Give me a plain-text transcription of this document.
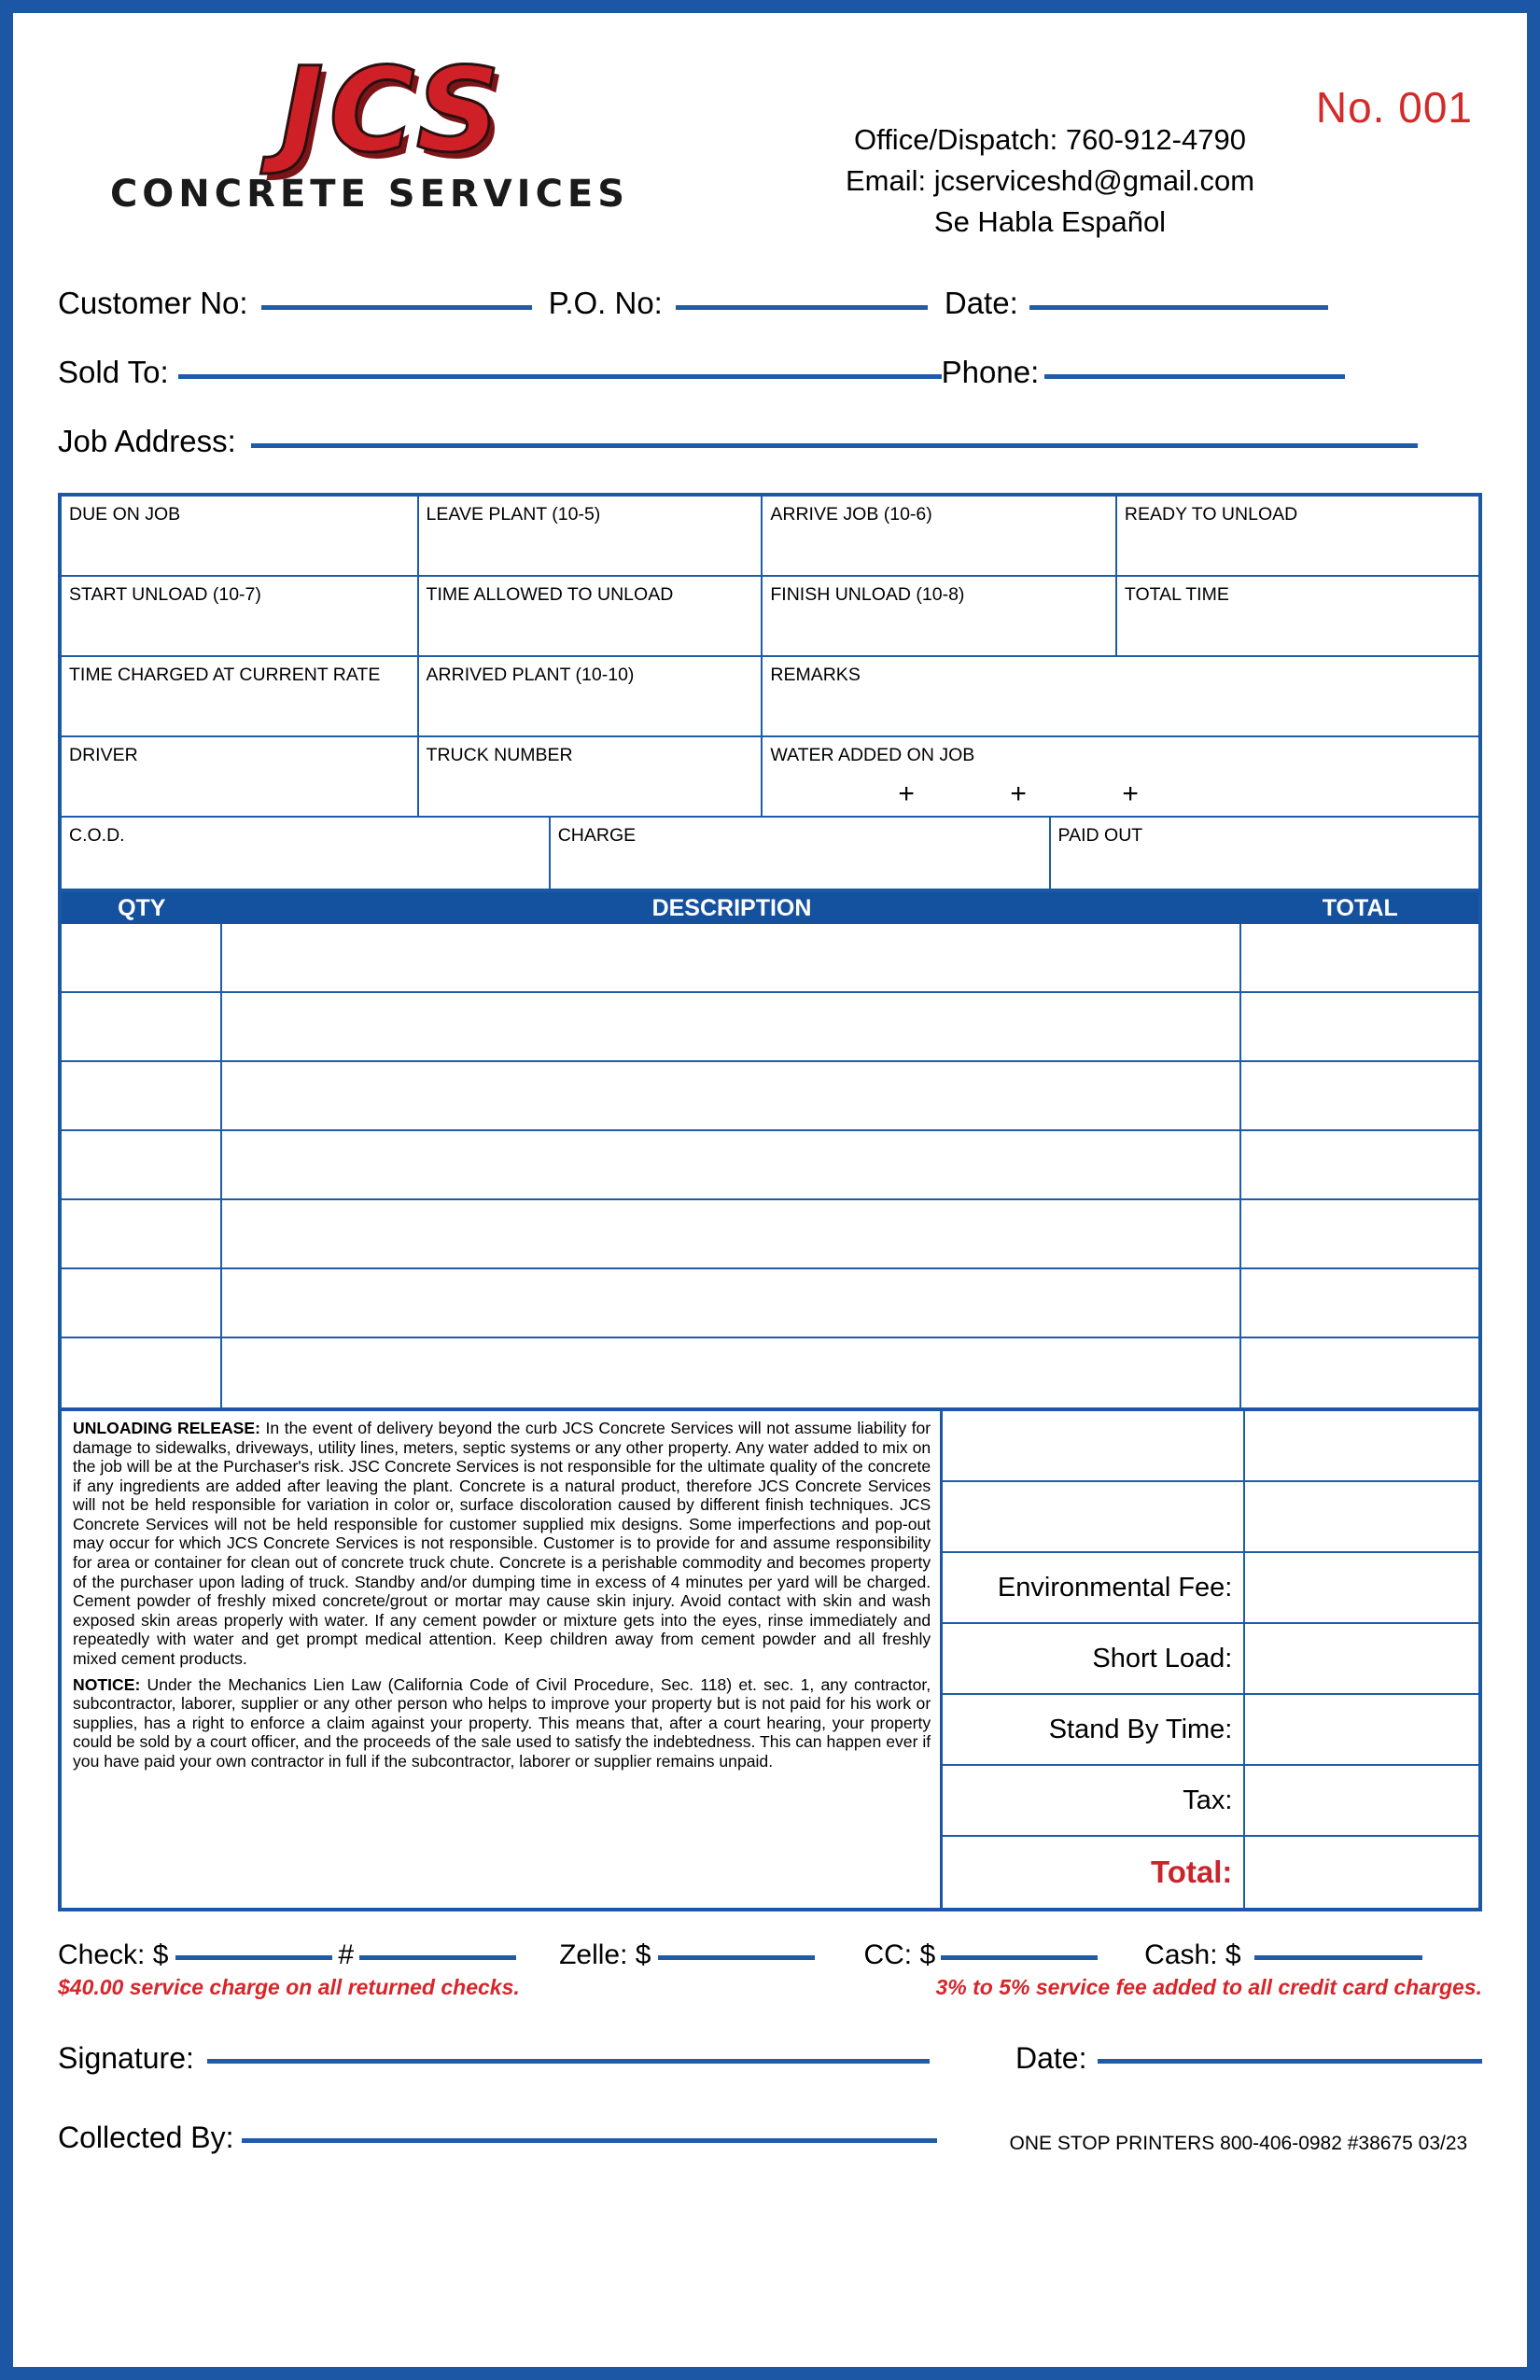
JCS
CONCRETE SERVICES
Office/Dispatch: 760-912-4790
Email: jcserviceshd@gmail.com
Se Habla Español
No. 001
Customer No:	P.O. No:	Date:
Sold To:	Phone:
Job Address:
DUE ON JOB	LEAVE PLANT (10-5)	ARRIVE JOB (10-6)	READY TO UNLOAD
START UNLOAD (10-7)	TIME ALLOWED TO UNLOAD	FINISH UNLOAD (10-8)	TOTAL TIME
TIME CHARGED AT CURRENT RATE	ARRIVED PLANT (10-10)	REMARKS
DRIVER	TRUCK NUMBER	WATER ADDED ON JOB
+	+	+
C.O.D.	CHARGE	PAID OUT
QTY	DESCRIPTION	TOTAL

UNLOADING RELEASE: In the event of delivery beyond the curb JCS Concrete Services will not assume liability for damage to sidewalks, driveways, utility lines, meters, septic systems or any other property. Any water added to mix on the job will be at the Purchaser's risk. JSC Concrete Services is not responsible for the ultimate quality of the concrete if any ingredients are added after leaving the plant. Concrete is a natural product, therefore JCS Concrete Services will not be held responsible for variation in color or, surface discoloration caused by different finish techniques. JCS Concrete Services will not be held responsible for customer supplied mix designs. Some imperfections and pop-out may occur for which JCS Concrete Services is not responsible. Customer is to provide for and assume responsibility for area or container for clean out of concrete truck chute. Concrete is a perishable commodity and becomes property of the purchaser upon lading of truck. Standby and/or dumping time in excess of 4 minutes per yard will be charged. Cement powder of freshly mixed concrete/grout or mortar may cause skin injury. Avoid contact with skin and wash exposed skin areas properly with water. If any cement powder or mixture gets into the eyes, rinse immediately and repeatedly with water and get prompt medical attention. Keep children away from cement powder and all freshly mixed cement products.

NOTICE: Under the Mechanics Lien Law (California Code of Civil Procedure, Sec. 118) et. sec. 1, any contractor, subcontractor, laborer, supplier or any other person who helps to improve your property but is not paid for his work or supplies, has a right to enforce a claim against your property. This means that, after a court hearing, your property could be sold by a court officer, and the proceeds of the sale used to satisfy the indebtedness. This can happen ever if you have paid your own contractor in full if the subcontractor, laborer or supplier remains unpaid.

Environmental Fee:
Short Load:
Stand By Time:
Tax:
Total:
Check: $	#	Zelle: $	CC: $	Cash: $
$40.00 service charge on all returned checks.	3% to 5% service fee added to all credit card charges.
Signature:	Date:
Collected By:	ONE STOP PRINTERS 800-406-0982 #38675 03/23
